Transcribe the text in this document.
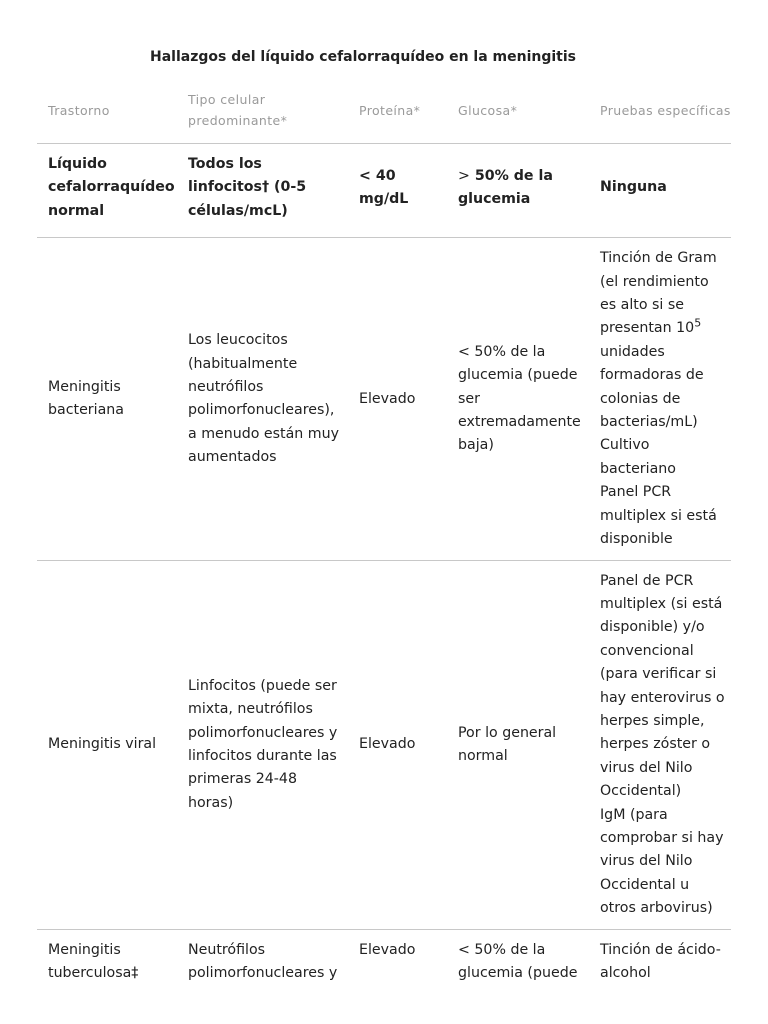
Hallazgos del líquido cefalorraquídeo en la meningitis
Trastorno	Tipo celular predominante*	Proteína*	Glucosa*	Pruebas específicas
Líquido cefalorraquídeo normal	Todos los linfocitos† (0-5 células/mcL)	< 40 mg/dL	> 50% de la glucemia	Ninguna

Meningitis bacteriana	Los leucocitos (habitualmente neutrófilos polimorfonucleares), a menudo están muy aumentados	Elevado	< 50% de la glucemia (puede ser extremadamente baja)	Tinción de Gram (el rendimiento es alto si se presentan $10^5$ unidades formadoras de colonias de bacterias/mL)
Cultivo bacteriano
Panel PCR multiplex si está disponible

Meningitis viral	Linfocitos (puede ser mixta, neutrófilos polimorfonucleares y linfocitos durante las primeras 24-48 horas)	Elevado	Por lo general normal	Panel de PCR multiplex (si está disponible) y/o convencional (para verificar si hay enterovirus o herpes simple, herpes zóster o virus del Nilo Occidental)
IgM (para comprobar si hay virus del Nilo Occidental u otros arbovirus)

Meningitis tuberculosa‡	Neutrófilos polimorfonucleares y	Elevado	< 50% de la glucemia (puede	Tinción de ácido-alcohol
